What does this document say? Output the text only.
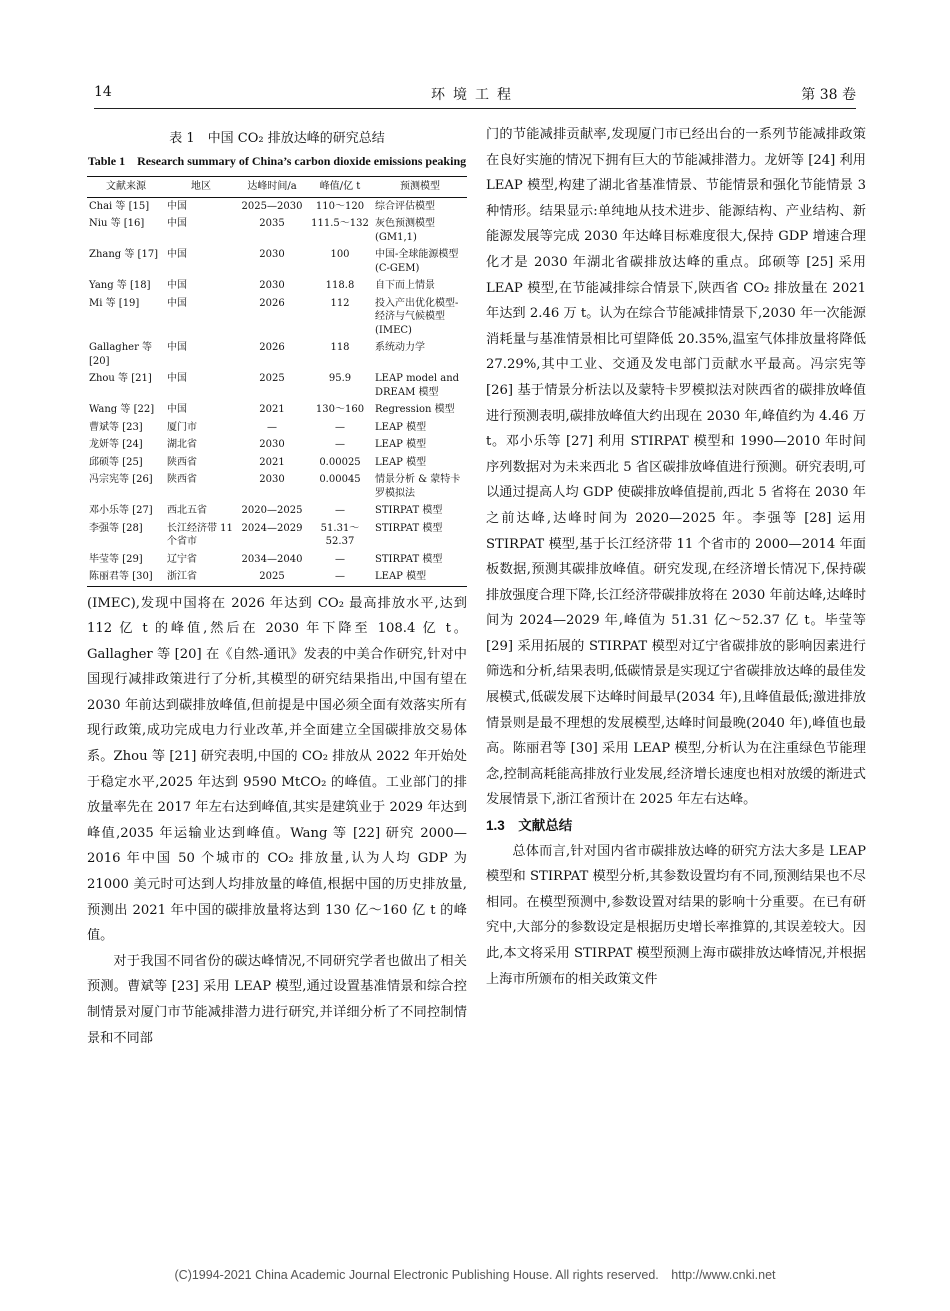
14	环境工程	第 38 卷
表 1　中国 CO₂ 排放达峰的研究总结
Table 1　Research summary of China’s carbon dioxide emissions peaking
文献来源	地区	达峰时间/a	峰值/亿 t	预测模型
Chai 等 [15]	中国	2025—2030	110～120	综合评估模型
Niu 等 [16]	中国	2035	111.5～132	灰色预测模型(GM1,1)
Zhang 等 [17]	中国	2030	100	中国-全球能源模型(C-GEM)
Yang 等 [18]	中国	2030	118.8	自下而上情景
Mi 等 [19]	中国	2026	112	投入产出优化模型-经济与气候模型(IMEC)
Gallagher 等 [20]	中国	2026	118	系统动力学
Zhou 等 [21]	中国	2025	95.9	LEAP model and DREAM 模型
Wang 等 [22]	中国	2021	130～160	Regression 模型
曹斌等 [23]	厦门市	—	—	LEAP 模型
龙妍等 [24]	湖北省	2030	—	LEAP 模型
邱硕等 [25]	陕西省	2021	0.00025	LEAP 模型
冯宗宪等 [26]	陕西省	2030	0.00045	情景分析 & 蒙特卡罗模拟法
邓小乐等 [27]	西北五省	2020—2025	—	STIRPAT 模型
李强等 [28]	长江经济带 11 个省市	2024—2029	51.31～52.37	STIRPAT 模型
毕莹等 [29]	辽宁省	2034—2040	—	STIRPAT 模型
陈丽君等 [30]	浙江省	2025	—	LEAP 模型

(IMEC),发现中国将在 2026 年达到 CO₂ 最高排放水平,达到 112 亿 t 的峰值,然后在 2030 年下降至 108.4 亿 t。Gallagher 等 [20] 在《自然-通讯》发表的中美合作研究,针对中国现行减排政策进行了分析,其模型的研究结果指出,中国有望在 2030 年前达到碳排放峰值,但前提是中国必须全面有效落实所有现行政策,成功完成电力行业改革,并全面建立全国碳排放交易体系。Zhou 等 [21] 研究表明,中国的 CO₂ 排放从 2022 年开始处于稳定水平,2025 年达到 9590 MtCO₂ 的峰值。工业部门的排放量率先在 2017 年左右达到峰值,其实是建筑业于 2029 年达到峰值,2035 年运输业达到峰值。Wang 等 [22] 研究 2000—2016 年中国 50 个城市的 CO₂ 排放量,认为人均 GDP 为 21000 美元时可达到人均排放量的峰值,根据中国的历史排放量,预测出 2021 年中国的碳排放量将达到 130 亿～160 亿 t 的峰值。

对于我国不同省份的碳达峰情况,不同研究学者也做出了相关预测。曹斌等 [23] 采用 LEAP 模型,通过设置基准情景和综合控制情景对厦门市节能减排潜力进行研究,并详细分析了不同控制情景和不同部

门的节能减排贡献率,发现厦门市已经出台的一系列节能减排政策在良好实施的情况下拥有巨大的节能减排潜力。龙妍等 [24] 利用 LEAP 模型,构建了湖北省基准情景、节能情景和强化节能情景 3 种情形。结果显示:单纯地从技术进步、能源结构、产业结构、新能源发展等完成 2030 年达峰目标难度很大,保持 GDP 增速合理化才是 2030 年湖北省碳排放达峰的重点。邱硕等 [25] 采用 LEAP 模型,在节能减排综合情景下,陕西省 CO₂ 排放量在 2021 年达到 2.46 万 t。认为在综合节能减排情景下,2030 年一次能源消耗量与基准情景相比可望降低 20.35%,温室气体排放量将降低 27.29%,其中工业、交通及发电部门贡献水平最高。冯宗宪等 [26] 基于情景分析法以及蒙特卡罗模拟法对陕西省的碳排放峰值进行预测表明,碳排放峰值大约出现在 2030 年,峰值约为 4.46 万 t。邓小乐等 [27] 利用 STIRPAT 模型和 1990—2010 年时间序列数据对为未来西北 5 省区碳排放峰值进行预测。研究表明,可以通过提高人均 GDP 使碳排放峰值提前,西北 5 省将在 2030 年之前达峰,达峰时间为 2020—2025 年。李强等 [28] 运用 STIRPAT 模型,基于长江经济带 11 个省市的 2000—2014 年面板数据,预测其碳排放峰值。研究发现,在经济增长情况下,保持碳排放强度合理下降,长江经济带碳排放将在 2030 年前达峰,达峰时间为 2024—2029 年,峰值为 51.31 亿～52.37 亿 t。毕莹等 [29] 采用拓展的 STIRPAT 模型对辽宁省碳排放的影响因素进行筛选和分析,结果表明,低碳情景是实现辽宁省碳排放达峰的最佳发展模式,低碳发展下达峰时间最早(2034 年),且峰值最低;激进排放情景则是最不理想的发展模型,达峰时间最晚(2040 年),峰值也最高。陈丽君等 [30] 采用 LEAP 模型,分析认为在注重绿色节能理念,控制高耗能高排放行业发展,经济增长速度也相对放缓的渐进式发展情景下,浙江省预计在 2025 年左右达峰。

1.3　文献总结

总体而言,针对国内省市碳排放达峰的研究方法大多是 LEAP 模型和 STIRPAT 模型分析,其参数设置均有不同,预测结果也不尽相同。在模型预测中,参数设置对结果的影响十分重要。在已有研究中,大部分的参数设定是根据历史增长率推算的,其误差较大。因此,本文将采用 STIRPAT 模型预测上海市碳排放达峰情况,并根据上海市所颁布的相关政策文件

(C)1994-2021 China Academic Journal Electronic Publishing House. All rights reserved.　http://www.cnki.net
